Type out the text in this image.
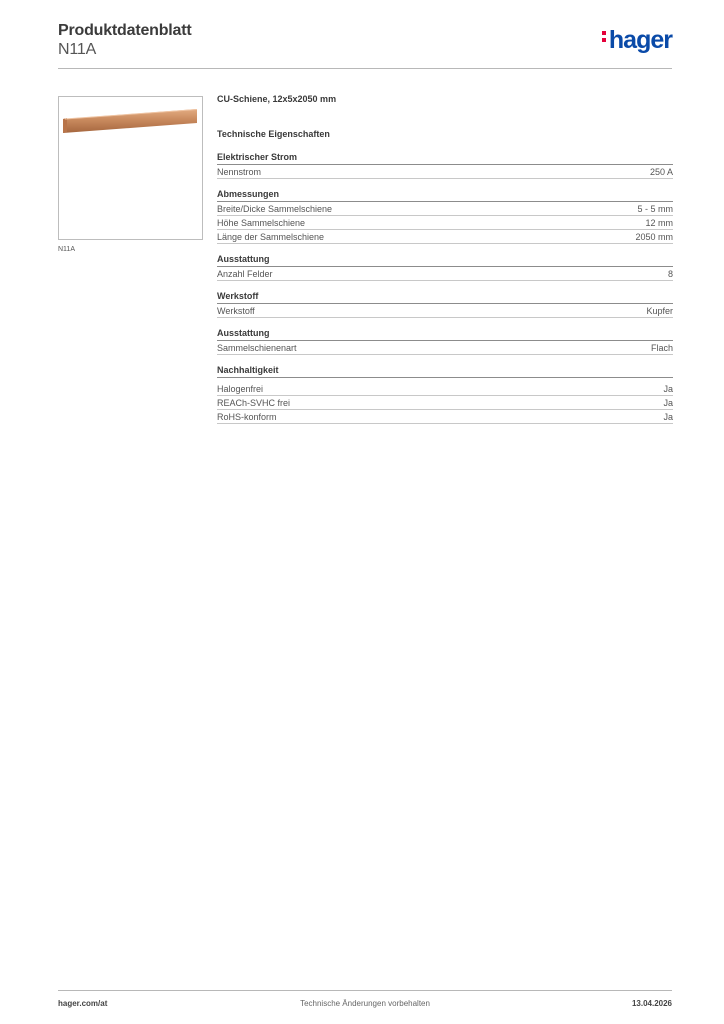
Produktdatenblatt
N11A	hager
N11A
CU-Schiene, 12x5x2050 mm
Technische Eigenschaften
Elektrischer Strom
Nennstrom	250 A
Abmessungen
Breite/Dicke Sammelschiene	5 - 5 mm
Höhe Sammelschiene	12 mm
Länge der Sammelschiene	2050 mm
Ausstattung
Anzahl Felder	8
Werkstoff
Werkstoff	Kupfer
Ausstattung
Sammelschienenart	Flach
Nachhaltigkeit
Halogenfrei	Ja
REACh-SVHC frei	Ja
RoHS-konform	Ja
hager.com/at	Technische Änderungen vorbehalten	13.04.2026
